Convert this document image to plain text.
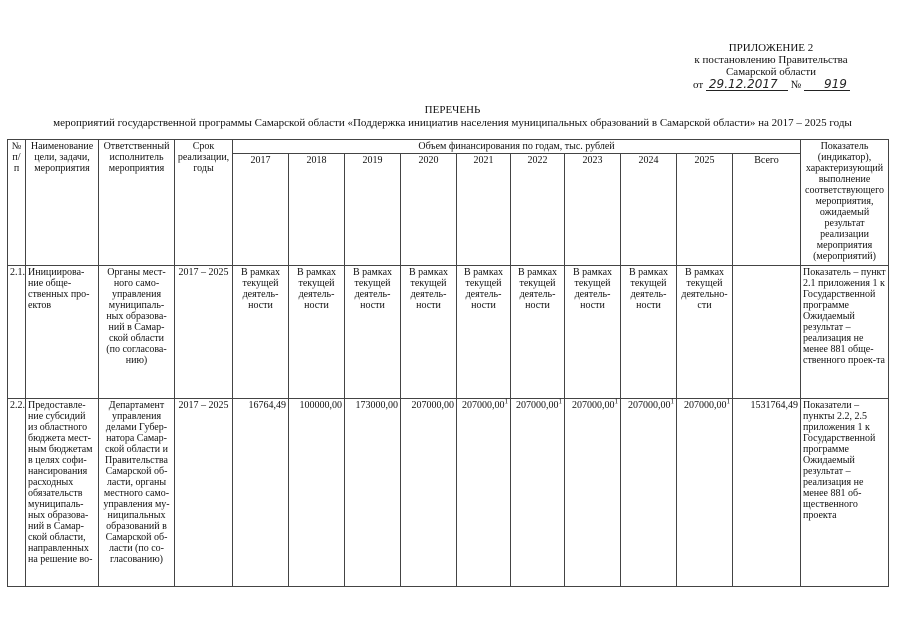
ПРИЛОЖЕНИЕ 2
к постановлению Правительства
Самарской области
от 29.12.2017 № 919
ПЕРЕЧЕНЬ
мероприятий государственной программы Самарской области «Поддержка инициатив населения муниципальных образований в Самарской области» на 2017 – 2025 годы
№ п/п	Наименование цели, задачи, мероприятия	Ответственный исполнитель мероприятия	Срок реализации, годы	Объем финансирования по годам, тыс. рублей										Показатель (индикатор), характеризующий выполнение соответствующего мероприятия, ожидаемый результат реализации мероприятия (мероприятий)
				2017	2018	2019	2020	2021	2022	2023	2024	2025	Всего	
2.1.	Инициирова-ние обще-ственных про-ектов	Органы мест-ного само-управления муниципаль-ных образова-ний в Самар-ской области (по согласова-нию)	2017 – 2025	В рамках текущей деятель-ности	В рамках текущей деятель-ности	В рамках текущей деятель-ности	В рамках текущей деятель-ности	В рамках текущей деятель-ности	В рамках текущей деятель-ности	В рамках текущей деятель-ности	В рамках текущей деятель-ности	В рамках текущей деятельно-сти		Показатель – пункт 2.1 приложения 1 к Государственной программе Ожидаемый результат – реализация не менее 881 обще-ственного проек-та
2.2.	Предоставле-ние субсидий из областного бюджета мест-ным бюджетам в целях софи-нансирования расходных обязательств муниципаль-ных образова-ний в Самар-ской области, направленных на решение во-	Департамент управления делами Губер-натора Самар-ской области и Правительства Самарской об-ласти, органы местного само-управления му-ниципальных образований в Самарской об-ласти (по со-гласованию)	2017 – 2025	16764,49	100000,00	173000,00	207000,00	207000,00$^1$	207000,00$^1$	207000,00$^1$	207000,00$^1$	207000,00$^1$	1531764,49	Показатели – пункты 2.2, 2.5 приложения 1 к Государственной программе Ожидаемый результат – реализация не менее 881 об-щественного проекта
